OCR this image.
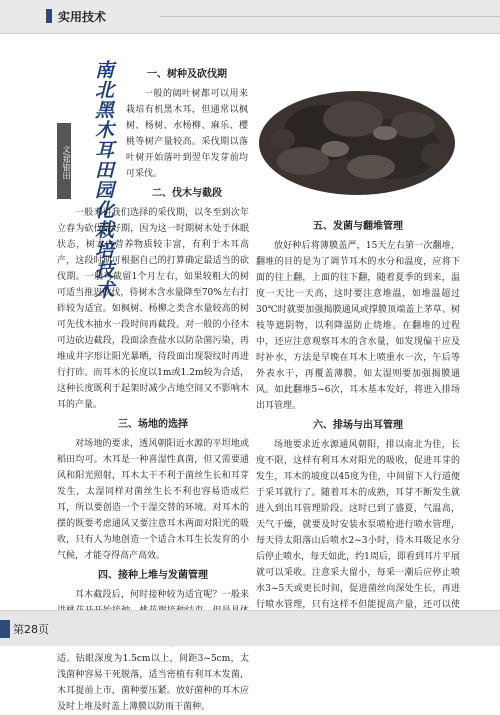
实用技术
南北黑木耳田园化栽培技术
文/郑银田
一、树种及砍伐期

一般的阔叶树都可以用来栽培有机黑木耳，但通常以枫树、杨树、水杨柳、麻乐、樱桃等树产量较高。采伐期以落叶树开始落叶到翌年发芽前均可采伐。

二、伐木与截段

一般来讲我们选择的采伐期，以冬至到次年立春为砍伐最好期，因为这一时期树木处于休眠状态，树木内营养物质较丰富，有利于木耳高产，这段时期可根据自己的打算确定最适当的砍伐期。一般可截留1个月左右，如果较粗大的树可适当推迟砍伐，待树木含水量降至70%左右打砟较为适宜。如枫树、杨柳之类含水量较高的树可先伐木抽水一段时间再截段。对一般的小径木可边砍边截段，段面涂查盐水以防杂菌污染，再堆成井字形让阳光暴晒，待段面出现裂纹时再进行打砟。而耳木的长度以1m或1.2m较为合适，这种长度既利于起架时减少占地空间又不影响木耳的产量。

三、场地的选择

对场地的要求，透风朝阳近水源的平坦地或稻田均可。木耳是一种喜湿性真菌，但又需要通风和阳光照射，耳木太干不利于菌丝生长和耳芽发生，太湿同样对菌丝生长不利也容易造成烂耳，所以要创造一个干湿交替的环境。对耳木的摆的既要考虑通风又要注意耳木两面对阳光的吸收，只有人为地创造一个适合木耳生长发育的小气候，才能夺得高产高效。

四、接种上堆与发菌管理

耳木截段后，何时接种较为适宜呢？一般来 适。钻眼深度为1.5cm以上，间距3~5cm，太浅菌种容易干死脱落，适当密植有利耳木发菌，木耳提前上市，菌种要压紧。放好菌种的耳木应及时上堆及时盖上薄膜以防雨干菌种。

五、发菌与翻堆管理

放好种后将薄膜盖严，15天左右第一次翻堆，翻堆的目的是为了调节耳木的水分和温度，应将下面的往上翻，上面的往下翻，随着夏季的到来，温度一天比一天高，这时要注意堆温，如堆温超过30℃时就要加强揭膜通风或撑膜顶端盖上茅草、树枝等遮阴物，以利降温防止烧堆。在翻堆的过程中，还应注意观察耳木的含水量，如发现偏干应及时补水，方法是早晚在耳木上喷重水一次，午后等外表水干，再覆盖薄膜，如太湿则要加强揭膜通风。如此翻堆5~6次，耳木基本发好，将进入排场出耳管理。

六、排场与出耳管理

场地要求近水源通风朝阳，排以南北为佳，长度不限，这样有利耳木对阳光的吸收，促进耳芽的发生，耳木的坡度以45度为佳，中间留下人行道便于采耳就行了。随着耳木的成熟，耳芽不断发生就进入到出耳管理阶段。这时已到了盛夏，气温高，天气干燥，就要及时安装水泵喷枪进行喷水管理，每天待太阳落山后喷水2~3小时，待木耳吸足水分后停止喷水，每天如此，约1周后，即看到耳片平展就可以采收。注意采大留小，每采一潮后应停止喷水3~5天或更长时间，促进菌丝向深处生长，再进行喷水管理，只有这样不但能提高产量，还可以使

第28页
